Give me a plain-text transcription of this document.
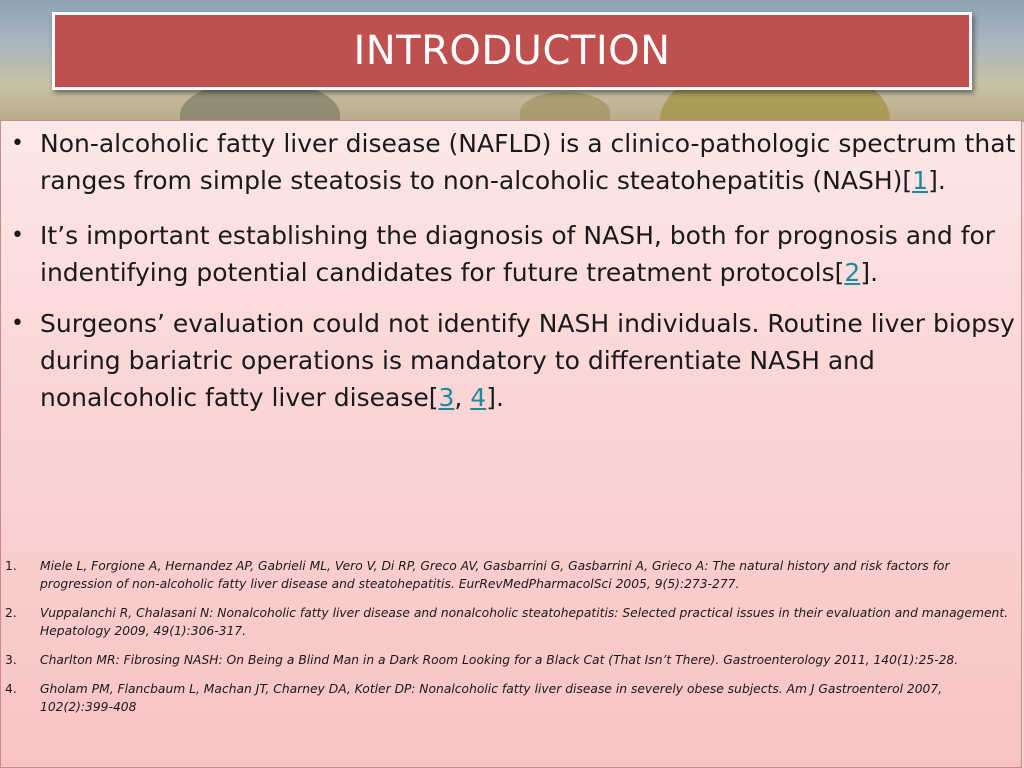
INTRODUCTION
• Non-alcoholic fatty liver disease (NAFLD) is a clinico-pathologic spectrum that ranges from simple steatosis to non-alcoholic steatohepatitis (NASH)[1].
• It’s important establishing the diagnosis of NASH, both for prognosis and for indentifying potential candidates for future treatment protocols[2].
• Surgeons’ evaluation could not identify NASH individuals. Routine liver biopsy during bariatric operations is mandatory to differentiate NASH and nonalcoholic fatty liver disease[3, 4].
1. Miele L, Forgione A, Hernandez AP, Gabrieli ML, Vero V, Di RP, Greco AV, Gasbarrini G, Gasbarrini A, Grieco A: The natural history and risk factors for progression of non-alcoholic fatty liver disease and steatohepatitis. EurRevMedPharmacolSci 2005, 9(5):273-277.
2. Vuppalanchi R, Chalasani N: Nonalcoholic fatty liver disease and nonalcoholic steatohepatitis: Selected practical issues in their evaluation and management. Hepatology 2009, 49(1):306-317.
3. Charlton MR: Fibrosing NASH: On Being a Blind Man in a Dark Room Looking for a Black Cat (That Isn’t There). Gastroenterology 2011, 140(1):25-28.
4. Gholam PM, Flancbaum L, Machan JT, Charney DA, Kotler DP: Nonalcoholic fatty liver disease in severely obese subjects. Am J Gastroenterol 2007, 102(2):399-408
